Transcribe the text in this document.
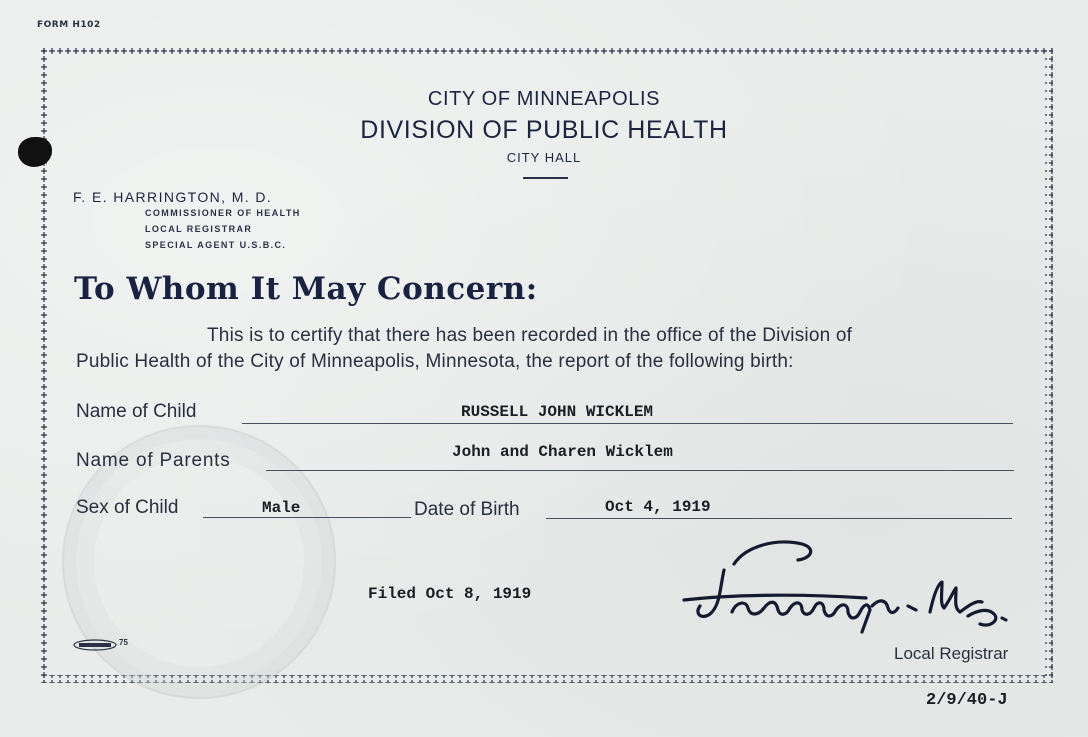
FORM H102
CITY OF MINNEAPOLIS
DIVISION OF PUBLIC HEALTH
CITY HALL
F. E. HARRINGTON, M. D.
COMMISSIONER OF HEALTH
LOCAL REGISTRAR
SPECIAL AGENT U.S.B.C.
To Whom It May Concern:
This is to certify that there has been recorded in the office of the Division of
Public Health of the City of Minneapolis, Minnesota, the report of the following birth:
Name of Child	RUSSELL JOHN WICKLEM
Name of Parents	John and Charen Wicklem
Sex of Child	Male	Date of Birth	Oct 4, 1919
Filed Oct 8, 1919
75
Local Registrar
2/9/40-J
